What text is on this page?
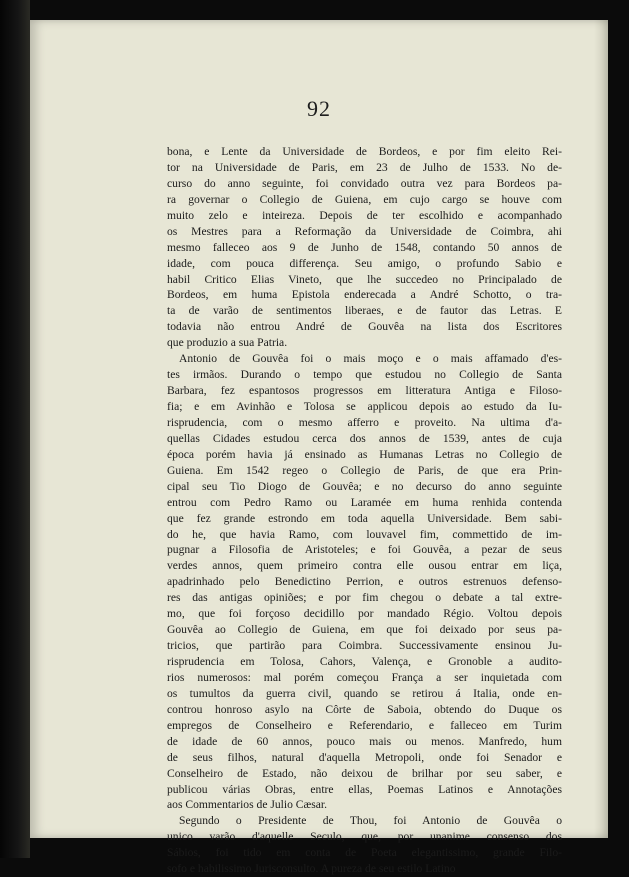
92
bona, e Lente da Universidade de Bordeos, e por fim eleito Rei-
tor na Universidade de Paris, em 23 de Julho de 1533. No de-
curso do anno seguinte, foi convidado outra vez para Bordeos pa-
ra governar o Collegio de Guiena, em cujo cargo se houve com
muito zelo e inteireza. Depois de ter escolhido e acompanhado
os Mestres para a Reformação da Universidade de Coimbra, ahi
mesmo falleceo aos 9 de Junho de 1548, contando 50 annos de
idade, com pouca differença. Seu amigo, o profundo Sabio e
habil Critico Elias Vineto, que lhe succedeo no Principalado de
Bordeos, em huma Epistola enderecada a André Schotto, o tra-
ta de varão de sentimentos liberaes, e de fautor das Letras. E
todavia não entrou André de Gouvêa na lista dos Escritores
que produzio a sua Patria.
Antonio de Gouvêa foi o mais moço e o mais affamado d'es-
tes irmãos. Durando o tempo que estudou no Collegio de Santa
Barbara, fez espantosos progressos em litteratura Antiga e Filoso-
fia; e em Avinhão e Tolosa se applicou depois ao estudo da Iu-
risprudencia, com o mesmo afferro e proveito. Na ultima d'a-
quellas Cidades estudou cerca dos annos de 1539, antes de cuja
época porém havia já ensinado as Humanas Letras no Collegio de
Guiena. Em 1542 regeo o Collegio de Paris, de que era Prin-
cipal seu Tio Diogo de Gouvêa; e no decurso do anno seguinte
entrou com Pedro Ramo ou Laramée em huma renhida contenda
que fez grande estrondo em toda aquella Universidade. Bem sabi-
do he, que havia Ramo, com louvavel fim, commettido de im-
pugnar a Filosofia de Aristoteles; e foi Gouvêa, a pezar de seus
verdes annos, quem primeiro contra elle ousou entrar em liça,
apadrinhado pelo Benedictino Perrion, e outros estrenuos defenso-
res das antigas opiniões; e por fim chegou o debate a tal extre-
mo, que foi forçoso decidillo por mandado Régio. Voltou depois
Gouvêa ao Collegio de Guiena, em que foi deixado por seus pa-
tricios, que partirão para Coimbra. Successivamente ensinou Ju-
risprudencia em Tolosa, Cahors, Valença, e Gronoble a audito-
rios numerosos: mal porém começou França a ser inquietada com
os tumultos da guerra civil, quando se retirou á Italia, onde en-
controu honroso asylo na Côrte de Saboia, obtendo do Duque os
empregos de Conselheiro e Referendario, e falleceo em Turim
de idade de 60 annos, pouco mais ou menos. Manfredo, hum
de seus filhos, natural d'aquella Metropoli, onde foi Senador e
Conselheiro de Estado, não deixou de brilhar por seu saber, e
publicou várias Obras, entre ellas, Poemas Latinos e Annotações
aos Commentarios de Julio Cæsar.
Segundo o Presidente de Thou, foi Antonio de Gouvêa o
unico varão d'aquelle Seculo, que, por unanime consenso dos
Sábios, foi tido em conta de Poeta elegantissimo, grande Filo-
sofo e habilissimo Jurisconsulto. A pureza de seu estilo Latino
